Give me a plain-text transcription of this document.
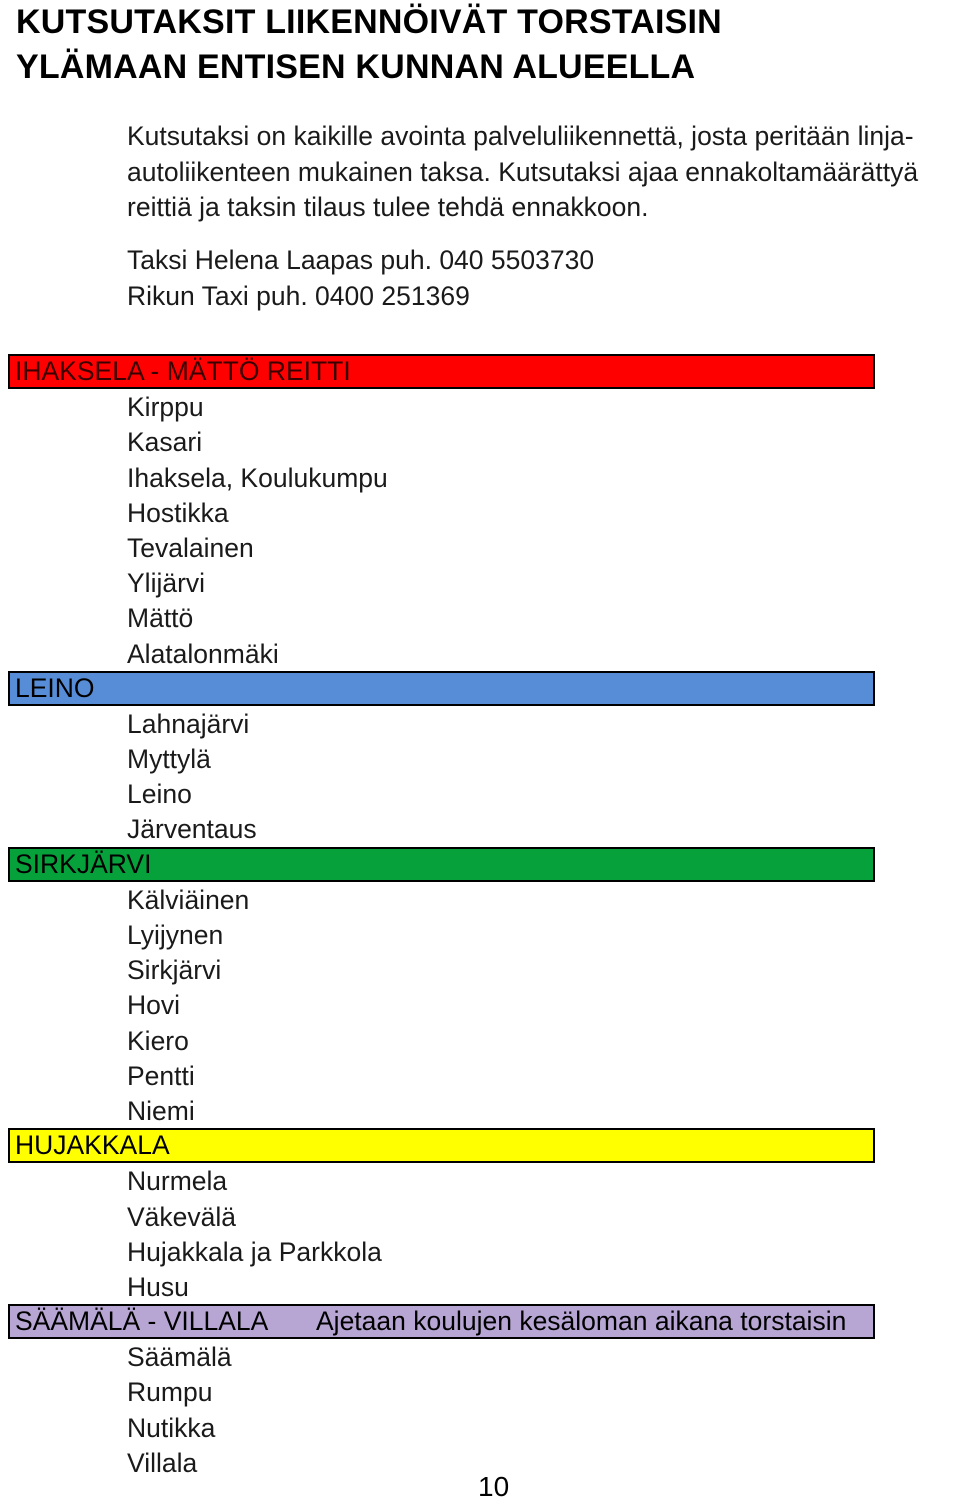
KUTSUTAKSIT LIIKENNÖIVÄT TORSTAISIN
YLÄMAAN ENTISEN KUNNAN ALUEELLA
Kutsutaksi on kaikille avointa palveluliikennettä, josta peritään linja-
autoliikenteen mukainen taksa. Kutsutaksi ajaa ennakoltamäärättyä
reittiä ja taksin tilaus tulee tehdä ennakkoon.
Taksi Helena Laapas puh. 040 5503730
Rikun Taxi puh. 0400 251369
IHAKSELA - MÄTTÖ REITTI
Kirppu
Kasari
Ihaksela, Koulukumpu
Hostikka
Tevalainen
Ylijärvi
Mättö
Alatalonmäki
LEINO
Lahnajärvi
Myttylä
Leino
Järventaus
SIRKJÄRVI
Kälviäinen
Lyijynen
Sirkjärvi
Hovi
Kiero
Pentti
Niemi
HUJAKKALA
Nurmela
Väkevälä
Hujakkala ja Parkkola
Husu
SÄÄMÄLÄ - VILLALA Ajetaan koulujen kesäloman aikana torstaisin
Säämälä
Rumpu
Nutikka
Villala
10
